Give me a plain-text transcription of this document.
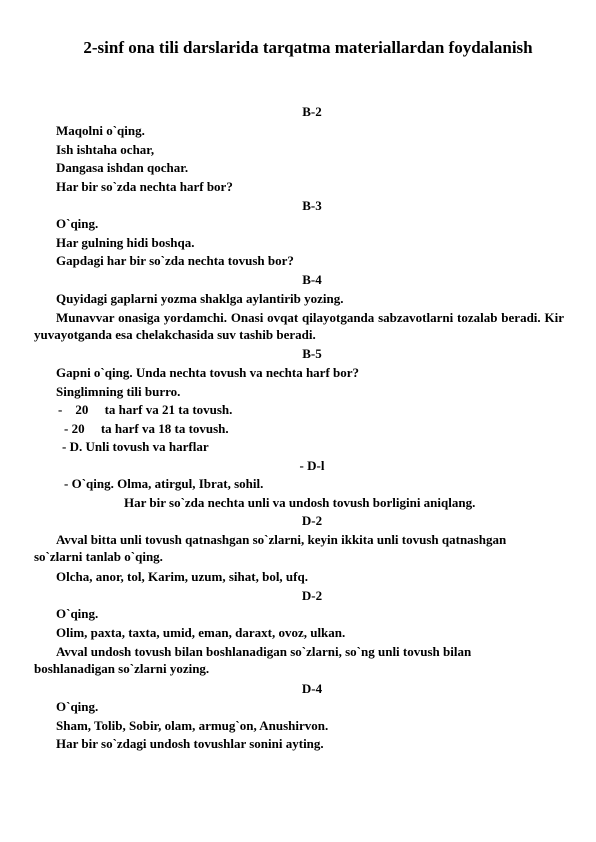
2-sinf ona tili darslarida tarqatma materiallardan foydalanish
B-2
Maqolni o`qing.
Ish ishtaha ochar,
Dangasa ishdan qochar.
Har bir so`zda nechta harf bor?
B-3
O`qing.
Har gulning hidi boshqa.
Gapdagi har bir so`zda nechta tovush bor?
B-4
Quyidagi gaplarni yozma shaklga aylantirib yozing.
Munavvar onasiga yordamchi. Onasi ovqat qilayotganda sabzavotlarni tozalab beradi. Kir yuvayotganda esa chelakchasida suv tashib beradi.
B-5
Gapni o`qing. Unda nechta tovush va nechta harf bor?
Singlimning tili burro.
-    20     ta harf va 21 ta tovush.
- 20     ta harf va 18 ta tovush.
- D. Unli tovush va harflar
- D-l
- O`qing. Olma, atirgul, Ibrat, sohil.
Har bir so`zda nechta unli va undosh tovush borligini aniqlang.
D-2
Avval bitta unli tovush qatnashgan so`zlarni, keyin ikkita unli tovush qatnashgan so`zlarni tanlab o`qing.
Olcha, anor, tol, Karim, uzum, sihat, bol, ufq.
D-2
O`qing.
Olim, paxta, taxta, umid, eman, daraxt, ovoz, ulkan.
Avval undosh tovush bilan boshlanadigan so`zlarni, so`ng unli tovush bilan boshlanadigan so`zlarni yozing.
D-4
O`qing.
Sham, Tolib, Sobir, olam, armug`on, Anushirvon.
Har bir so`zdagi undosh tovushlar sonini ayting.
